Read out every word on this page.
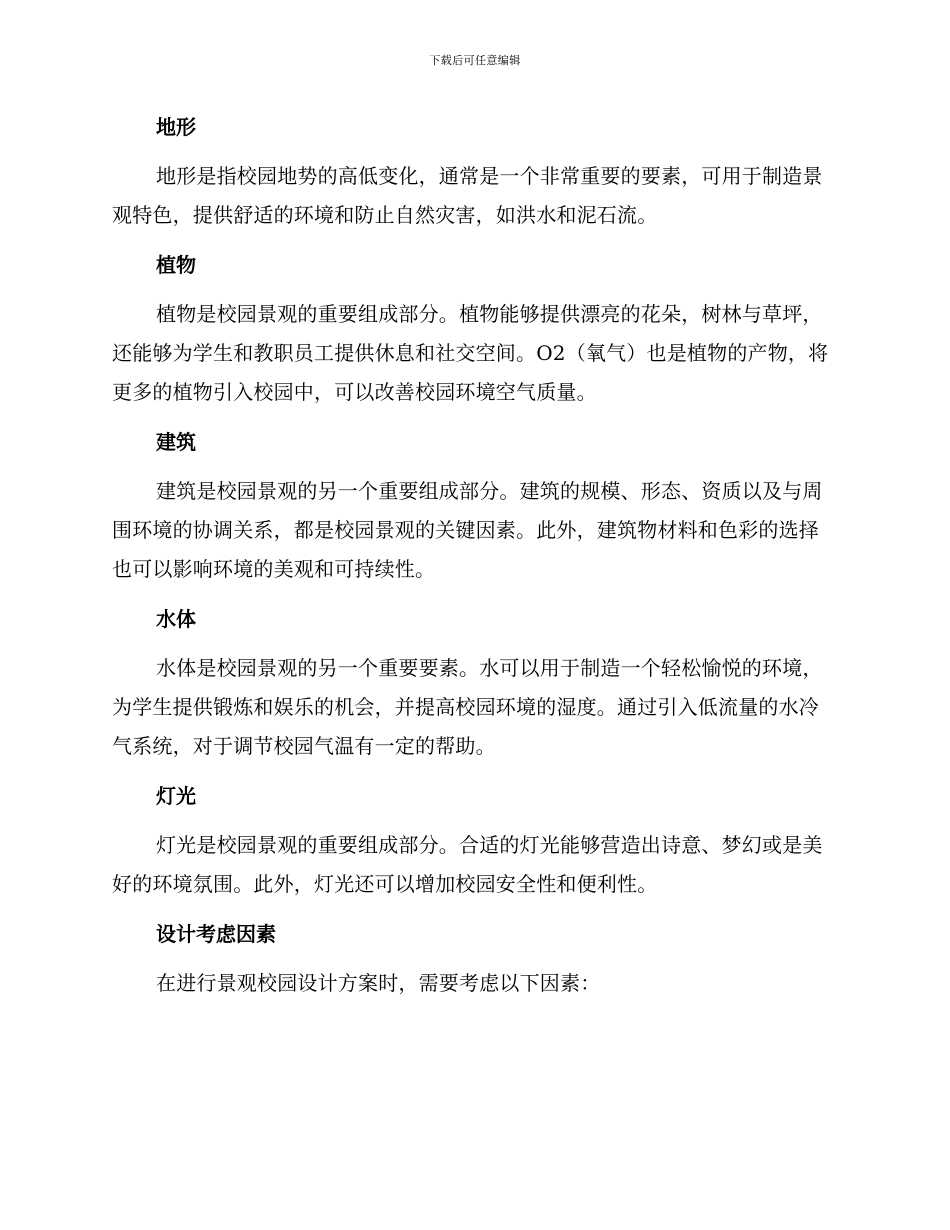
下载后可任意编辑
地形

地形是指校园地势的高低变化，通常是一个非常重要的要素，可用于制造景观特色，提供舒适的环境和防止自然灾害，如洪水和泥石流。

植物

植物是校园景观的重要组成部分。植物能够提供漂亮的花朵，树林与草坪，还能够为学生和教职员工提供休息和社交空间。O2（氧气）也是植物的产物，将更多的植物引入校园中，可以改善校园环境空气质量。

建筑

建筑是校园景观的另一个重要组成部分。建筑的规模、形态、资质以及与周围环境的协调关系，都是校园景观的关键因素。此外，建筑物材料和色彩的选择也可以影响环境的美观和可持续性。

水体

水体是校园景观的另一个重要要素。水可以用于制造一个轻松愉悦的环境，为学生提供锻炼和娱乐的机会，并提高校园环境的湿度。通过引入低流量的水冷气系统，对于调节校园气温有一定的帮助。

灯光

灯光是校园景观的重要组成部分。合适的灯光能够营造出诗意、梦幻或是美好的环境氛围。此外，灯光还可以增加校园安全性和便利性。

设计考虑因素

在进行景观校园设计方案时，需要考虑以下因素：
